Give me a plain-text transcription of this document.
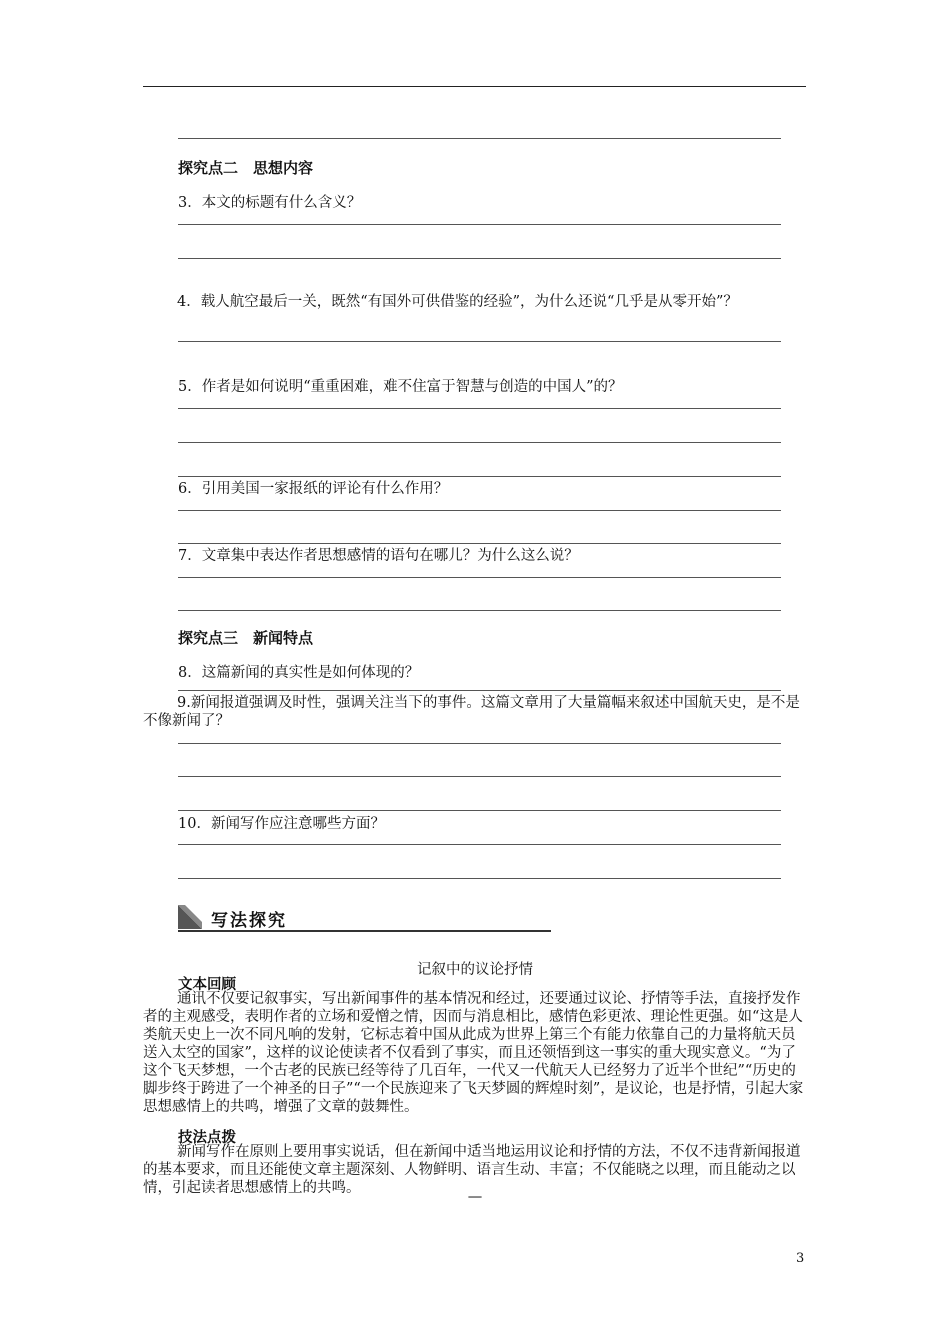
探究点二　思想内容
3．本文的标题有什么含义？
4．载人航空最后一关，既然“有国外可供借鉴的经验”，为什么还说“几乎是从零开始”？
5．作者是如何说明“重重困难，难不住富于智慧与创造的中国人”的？
6．引用美国一家报纸的评论有什么作用？
7．文章集中表达作者思想感情的语句在哪儿？为什么这么说？
探究点三　新闻特点
8．这篇新闻的真实性是如何体现的？
9.新闻报道强调及时性，强调关注当下的事件。这篇文章用了大量篇幅来叙述中国航天史，是不是不像新闻了？
10．新闻写作应注意哪些方面？
写法探究
记叙中的议论抒情
文本回顾
通讯不仅要记叙事实，写出新闻事件的基本情况和经过，还要通过议论、抒情等手法，直接抒发作者的主观感受，表明作者的立场和爱憎之情，因而与消息相比，感情色彩更浓、理论性更强。如“这是人类航天史上一次不同凡响的发射，它标志着中国从此成为世界上第三个有能力依靠自己的力量将航天员送入太空的国家”，这样的议论使读者不仅看到了事实，而且还领悟到这一事实的重大现实意义。“为了这个飞天梦想，一个古老的民族已经等待了几百年，一代又一代航天人已经努力了近半个世纪”“历史的脚步终于跨进了一个神圣的日子”“一个民族迎来了飞天梦圆的辉煌时刻”，是议论，也是抒情，引起大家思想感情上的共鸣，增强了文章的鼓舞性。
技法点拨
新闻写作在原则上要用事实说话，但在新闻中适当地运用议论和抒情的方法，不仅不违背新闻报道的基本要求，而且还能使文章主题深刻、人物鲜明、语言生动、丰富；不仅能晓之以理，而且能动之以情，引起读者思想感情上的共鸣。
—
3
